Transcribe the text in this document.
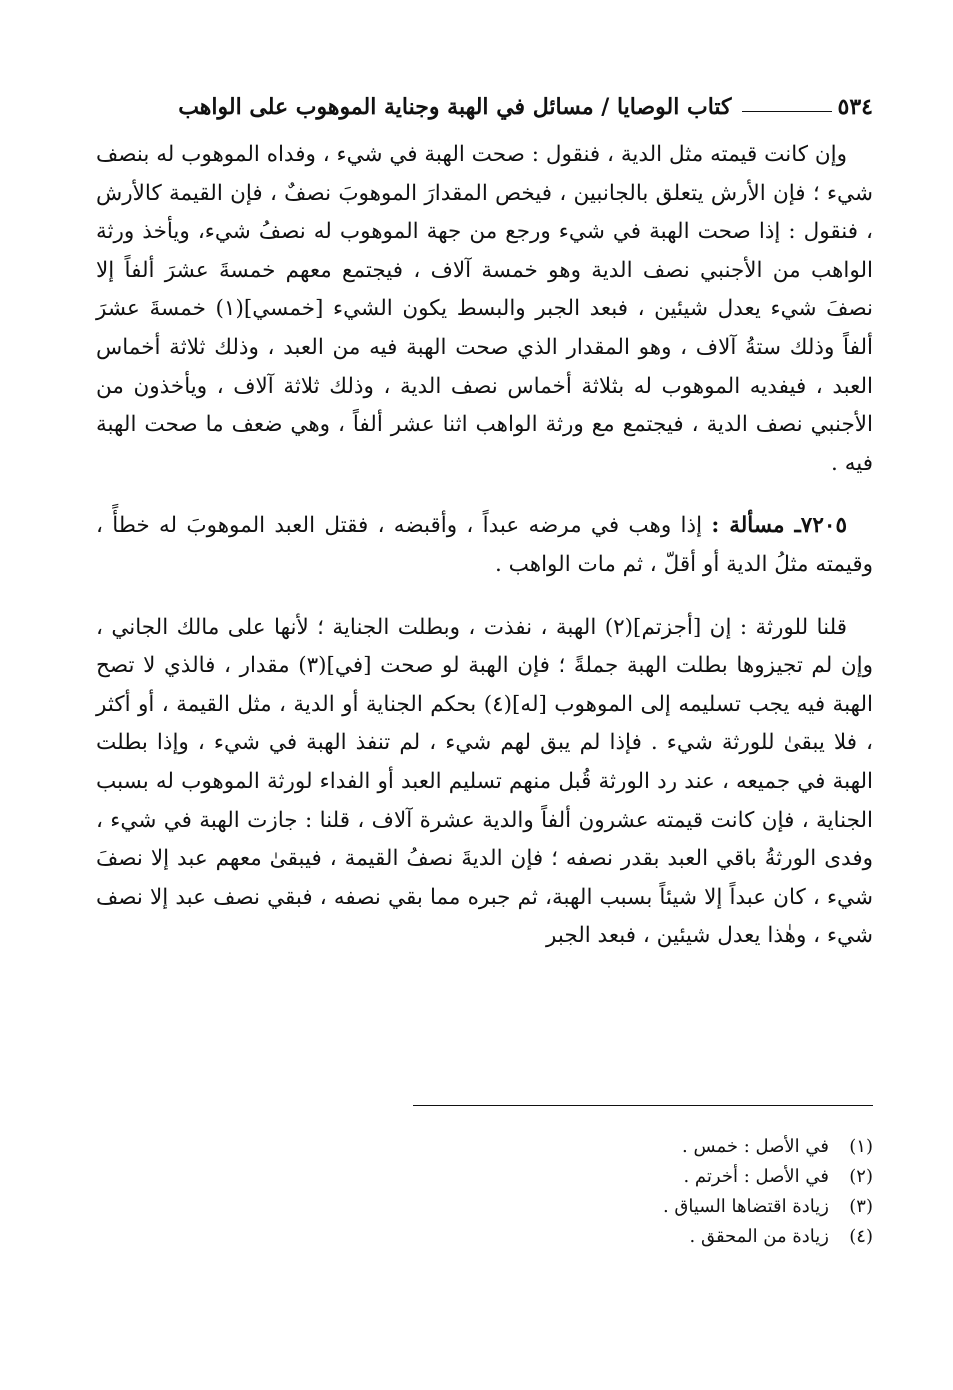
٥٣٤
كتاب الوصايا / مسائل في الهبة وجناية الموهوب على الواهب

وإن كانت قيمته مثل الدية ، فنقول : صحت الهبة في شيء ، وفداه الموهوب له بنصف شيء ؛ فإن الأرش يتعلق بالجانبين ، فيخص المقدارَ الموهوبَ نصفٌ ، فإن القيمة كالأرش ، فنقول : إذا صحت الهبة في شيء ورجع من جهة الموهوب له نصفُ شيء، ويأخذ ورثة الواهب من الأجنبي نصف الدية وهو خمسة آلاف ، فيجتمع معهم خمسةَ عشرَ ألفاً إلا نصفَ شيء يعدل شيئين ، فبعد الجبر والبسط يكون الشيء [خمسي](١) خمسةَ عشرَ ألفاً وذلك ستةُ آلاف ، وهو المقدار الذي صحت الهبة فيه من العبد ، وذلك ثلاثة أخماس العبد ، فيفديه الموهوب له بثلاثة أخماس نصف الدية ، وذلك ثلاثة آلاف ، ويأخذون من الأجنبي نصف الدية ، فيجتمع مع ورثة الواهب اثنا عشر ألفاً ، وهي ضعف ما صحت الهبة فيه .

٧٢٠٥ـ مسألة : إذا وهب في مرضه عبداً ، وأقبضه ، فقتل العبد الموهوبَ له خطأً ، وقيمته مثلُ الدية أو أقلّ ، ثم مات الواهب .

قلنا للورثة : إن [أجزتم](٢) الهبة ، نفذت ، وبطلت الجناية ؛ لأنها على مالك الجاني ، وإن لم تجيزوها بطلت الهبة جملةً ؛ فإن الهبة لو صحت [في](٣) مقدار ، فالذي لا تصح الهبة فيه يجب تسليمه إلى الموهوب [له](٤) بحكم الجناية أو الدية ، مثل القيمة ، أو أكثر ، فلا يبقىٰ للورثة شيء . فإذا لم يبق لهم شيء ، لم تنفذ الهبة في شيء ، وإذا بطلت الهبة في جميعه ، عند رد الورثة قُبل منهم تسليم العبد أو الفداء لورثة الموهوب له بسبب الجناية ، فإن كانت قيمته عشرون ألفاً والدية عشرة آلاف ، قلنا : جازت الهبة في شيء ، وفدى الورثةُ باقي العبد بقدر نصفه ؛ فإن الديةَ نصفُ القيمة ، فيبقىٰ معهم عبد إلا نصفَ شيء ، كان عبداً إلا شيئاً بسبب الهبة، ثم جبره مما بقي نصفه ، فبقي نصف عبد إلا نصف شيء ، وهٰذا يعدل شيئين ، فبعد الجبر

(١)
في الأصل : خمس .
(٢)
في الأصل : أخرتم .
(٣)
زيادة اقتضاها السياق .
(٤)
زيادة من المحقق .
